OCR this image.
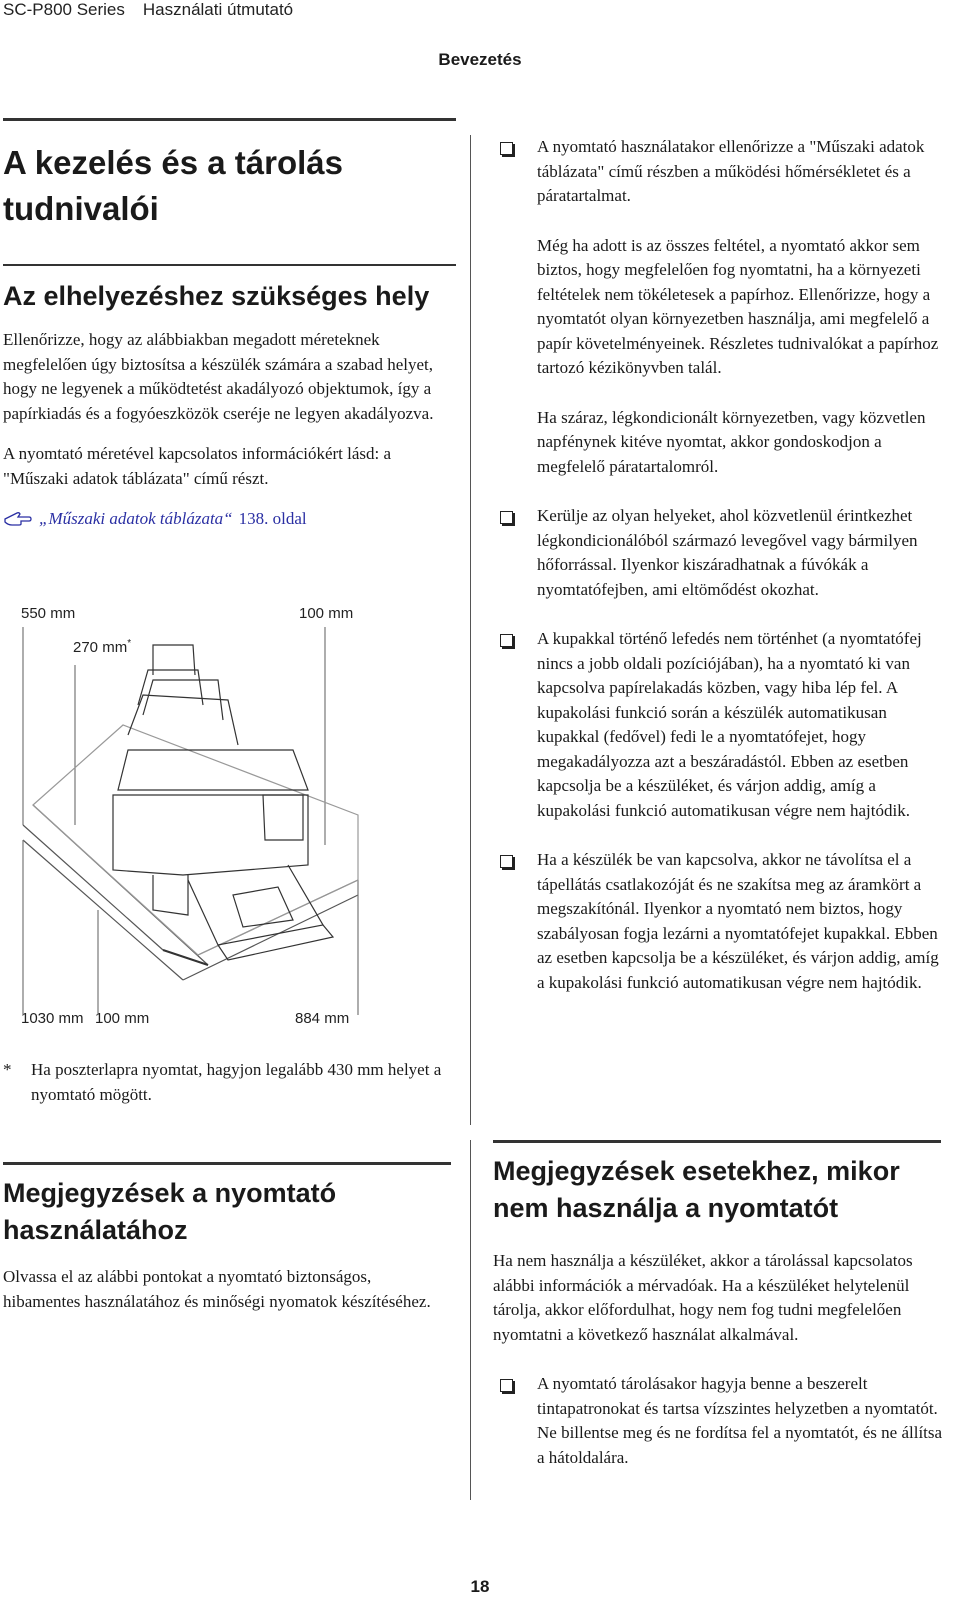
SC-P800 Series Használati útmutató
Bevezetés
A kezelés és a tárolás tudnivalói
Az elhelyezéshez szükséges hely

Ellenőrizze, hogy az alábbiakban megadott méreteknek megfelelően úgy biztosítsa a készülék számára a szabad helyet, hogy ne legyenek a működtetést akadályozó objektumok, így a papírkiadás és a fogyóeszközök cseréje ne legyen akadályozva.

A nyomtató méretével kapcsolatos információkért lásd: a "Műszaki adatok táblázata" című részt.

„Műszaki adatok táblázata“ 138. oldal
550 mm	100 mm
270 mm*
1030 mm 100 mm	884 mm
*	Ha poszterlapra nyomtat, hagyjon legalább 430 mm helyet a nyomtató mögött.

Megjegyzések a nyomtató használatához

Olvassa el az alábbi pontokat a nyomtató biztonságos, hibamentes használatához és minőségi nyomatok készítéséhez.

A nyomtató használatakor ellenőrizze a "Műszaki adatok táblázata" című részben a működési hőmérsékletet és a páratartalmat.

Még ha adott is az összes feltétel, a nyomtató akkor sem biztos, hogy megfelelően fog nyomtatni, ha a környezeti feltételek nem tökéletesek a papírhoz. Ellenőrizze, hogy a nyomtatót olyan környezetben használja, ami megfelelő a papír követelményeinek. Részletes tudnivalókat a papírhoz tartozó kézikönyvben talál.

Ha száraz, légkondicionált környezetben, vagy közvetlen napfénynek kitéve nyomtat, akkor gondoskodjon a megfelelő páratartalomról.

Kerülje az olyan helyeket, ahol közvetlenül érintkezhet légkondicionálóból származó levegővel vagy bármilyen hőforrással. Ilyenkor kiszáradhatnak a fúvókák a nyomtatófejben, ami eltömődést okozhat.

A kupakkal történő lefedés nem történhet (a nyomtatófej nincs a jobb oldali pozíciójában), ha a nyomtató ki van kapcsolva papírelakadás közben, vagy hiba lép fel. A kupakolási funkció során a készülék automatikusan kupakkal (fedővel) fedi le a nyomtatófejet, hogy megakadályozza azt a beszáradástól. Ebben az esetben kapcsolja be a készüléket, és várjon addig, amíg a kupakolási funkció automatikusan végre nem hajtódik.

Ha a készülék be van kapcsolva, akkor ne távolítsa el a tápellátás csatlakozóját és ne szakítsa meg az áramkört a megszakítónál. Ilyenkor a nyomtató nem biztos, hogy szabályosan fogja lezárni a nyomtatófejet kupakkal. Ebben az esetben kapcsolja be a készüléket, és várjon addig, amíg a kupakolási funkció automatikusan végre nem hajtódik.

Megjegyzések esetekhez, mikor nem használja a nyomtatót

Ha nem használja a készüléket, akkor a tárolással kapcsolatos alábbi információk a mérvadóak. Ha a készüléket helytelenül tárolja, akkor előfordulhat, hogy nem fog tudni megfelelően nyomtatni a következő használat alkalmával.

A nyomtató tárolásakor hagyja benne a beszerelt tintapatronokat és tartsa vízszintes helyzetben a nyomtatót. Ne billentse meg és ne fordítsa fel a nyomtatót, és ne állítsa a hátoldalára.

18
